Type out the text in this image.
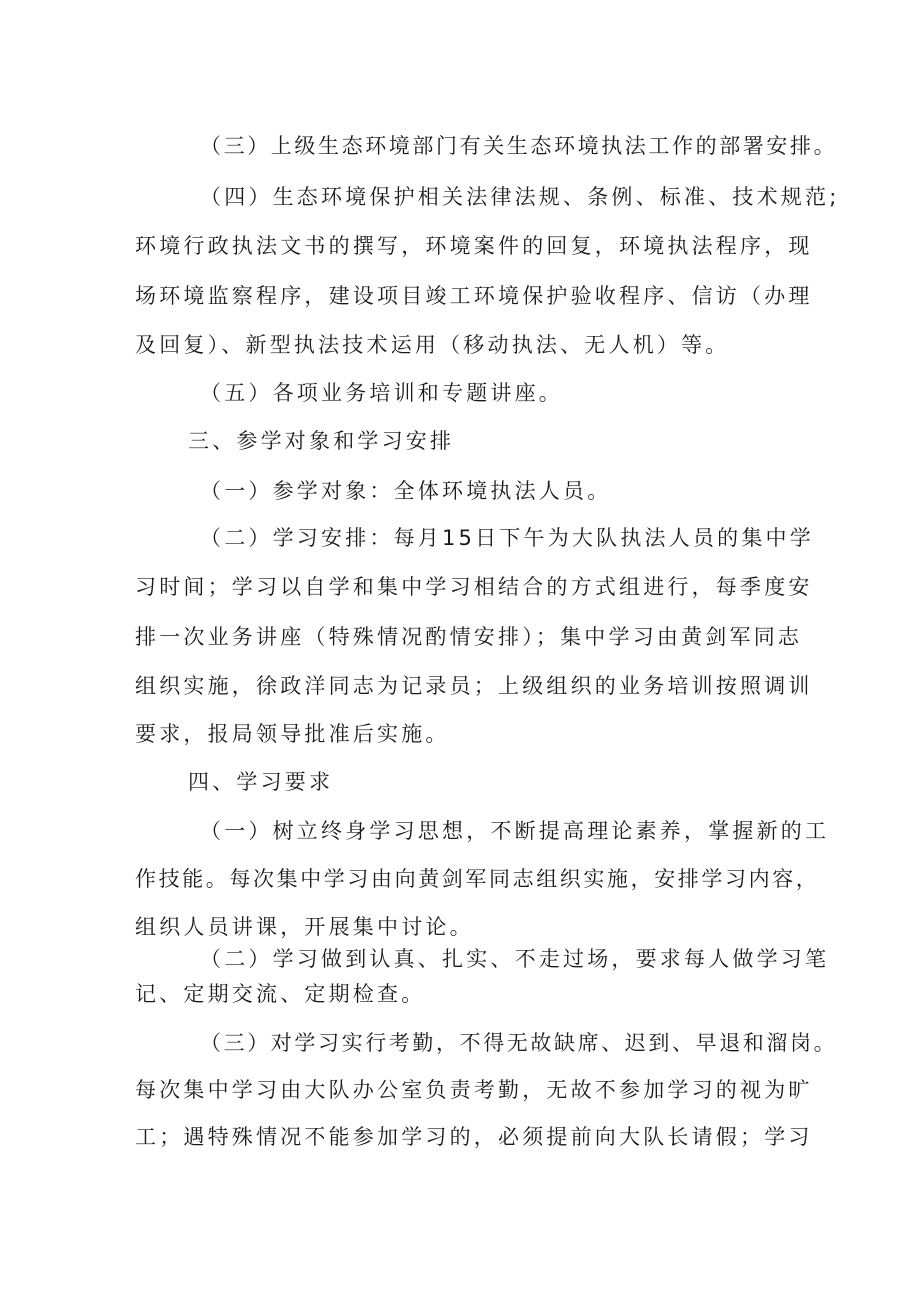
（三）上级生态环境部门有关生态环境执法工作的部署安排。
（四）生态环境保护相关法律法规、条例、标准、技术规范;
环境行政执法文书的撰写，环境案件的回复，环境执法程序，现
场环境监察程序，建设项目竣工环境保护验收程序、信访（办理
及回复）、新型执法技术运用（移动执法、无人机）等。
（五）各项业务培训和专题讲座。
三、参学对象和学习安排
（一）参学对象：全体环境执法人员。
（二）学习安排：每月15日下午为大队执法人员的集中学
习时间；学习以自学和集中学习相结合的方式组进行，每季度安
排一次业务讲座（特殊情况酌情安排）；集中学习由黄剑军同志
组织实施，徐政洋同志为记录员；上级组织的业务培训按照调训
要求，报局领导批准后实施。
四、学习要求
（一）树立终身学习思想，不断提高理论素养，掌握新的工
作技能。每次集中学习由向黄剑军同志组织实施，安排学习内容，
组织人员讲课，开展集中讨论。
（二）学习做到认真、扎实、不走过场，要求每人做学习笔
记、定期交流、定期检查。
（三）对学习实行考勤，不得无故缺席、迟到、早退和溜岗。
每次集中学习由大队办公室负责考勤，无故不参加学习的视为旷
工；遇特殊情况不能参加学习的，必须提前向大队长请假；学习
